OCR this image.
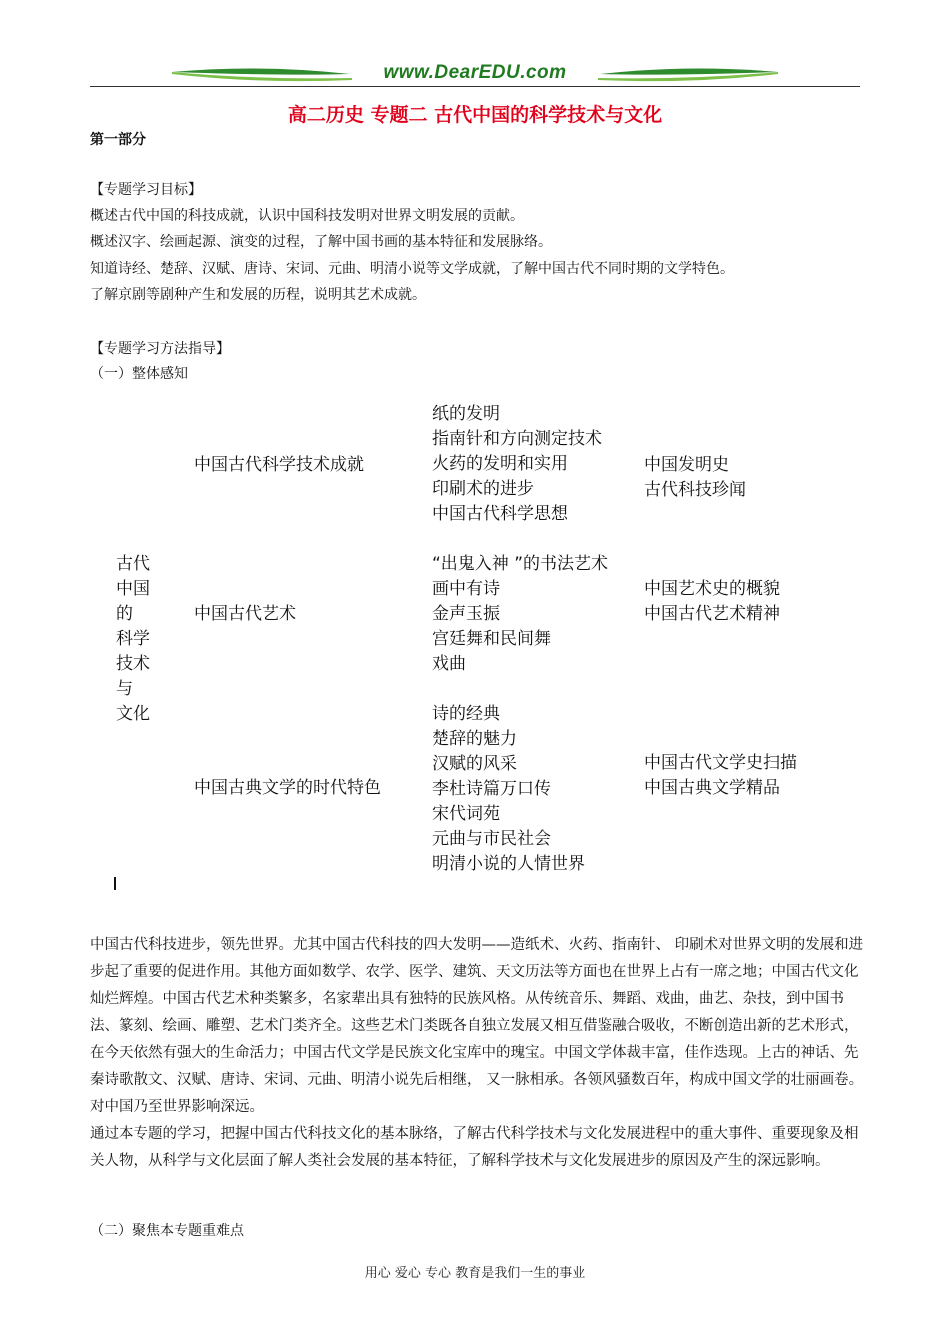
www.DearEDU.com
高二历史 专题二 古代中国的科学技术与文化
第一部分
【专题学习目标】
概述古代中国的科技成就，认识中国科技发明对世界文明发展的贡献。
概述汉字、绘画起源、演变的过程，了解中国书画的基本特征和发展脉络。
知道诗经、楚辞、汉赋、唐诗、宋词、元曲、明清小说等文学成就，了解中国古代不同时期的文学特色。
了解京剧等剧种产生和发展的历程，说明其艺术成就。
【专题学习方法指导】
（一）整体感知
古代
中国
的
科学
技术
与
文化
中国古代科学技术成就
纸的发明
指南针和方向测定技术
火药的发明和实用
印刷术的进步
中国古代科学思想
中国发明史
古代科技珍闻
中国古代艺术
“出鬼入神 ”的书法艺术
画中有诗
金声玉振
宫廷舞和民间舞
戏曲
中国艺术史的概貌
中国古代艺术精神
中国古典文学的时代特色
诗的经典
楚辞的魅力
汉赋的风采
李杜诗篇万口传
宋代词苑
元曲与市民社会
明清小说的人情世界
中国古代文学史扫描
中国古典文学精品

中国古代科技进步，领先世界。尤其中国古代科技的四大发明——造纸术、火药、指南针、 印刷术对世界文明的发展和进步起了重要的促进作用。其他方面如数学、农学、医学、建筑、天文历法等方面也在世界上占有一席之地；中国古代文化灿烂辉煌。中国古代艺术种类繁多，名家辈出具有独特的民族风格。从传统音乐、舞蹈、戏曲，曲艺、杂技，到中国书法、篆刻、绘画、雕塑、艺术门类齐全。这些艺术门类既各自独立发展又相互借鉴融合吸收，不断创造出新的艺术形式，在今天依然有强大的生命活力；中国古代文学是民族文化宝库中的瑰宝。中国文学体裁丰富，佳作迭现。上古的神话、先秦诗歌散文、汉赋、唐诗、宋词、元曲、明清小说先后相继， 又一脉相承。各领风骚数百年，构成中国文学的壮丽画卷。对中国乃至世界影响深远。

通过本专题的学习，把握中国古代科技文化的基本脉络，了解古代科学技术与文化发展进程中的重大事件、重要现象及相关人物，从科学与文化层面了解人类社会发展的基本特征，了解科学技术与文化发展进步的原因及产生的深远影响。

（二）聚焦本专题重难点
用心 爱心 专心 教育是我们一生的事业
